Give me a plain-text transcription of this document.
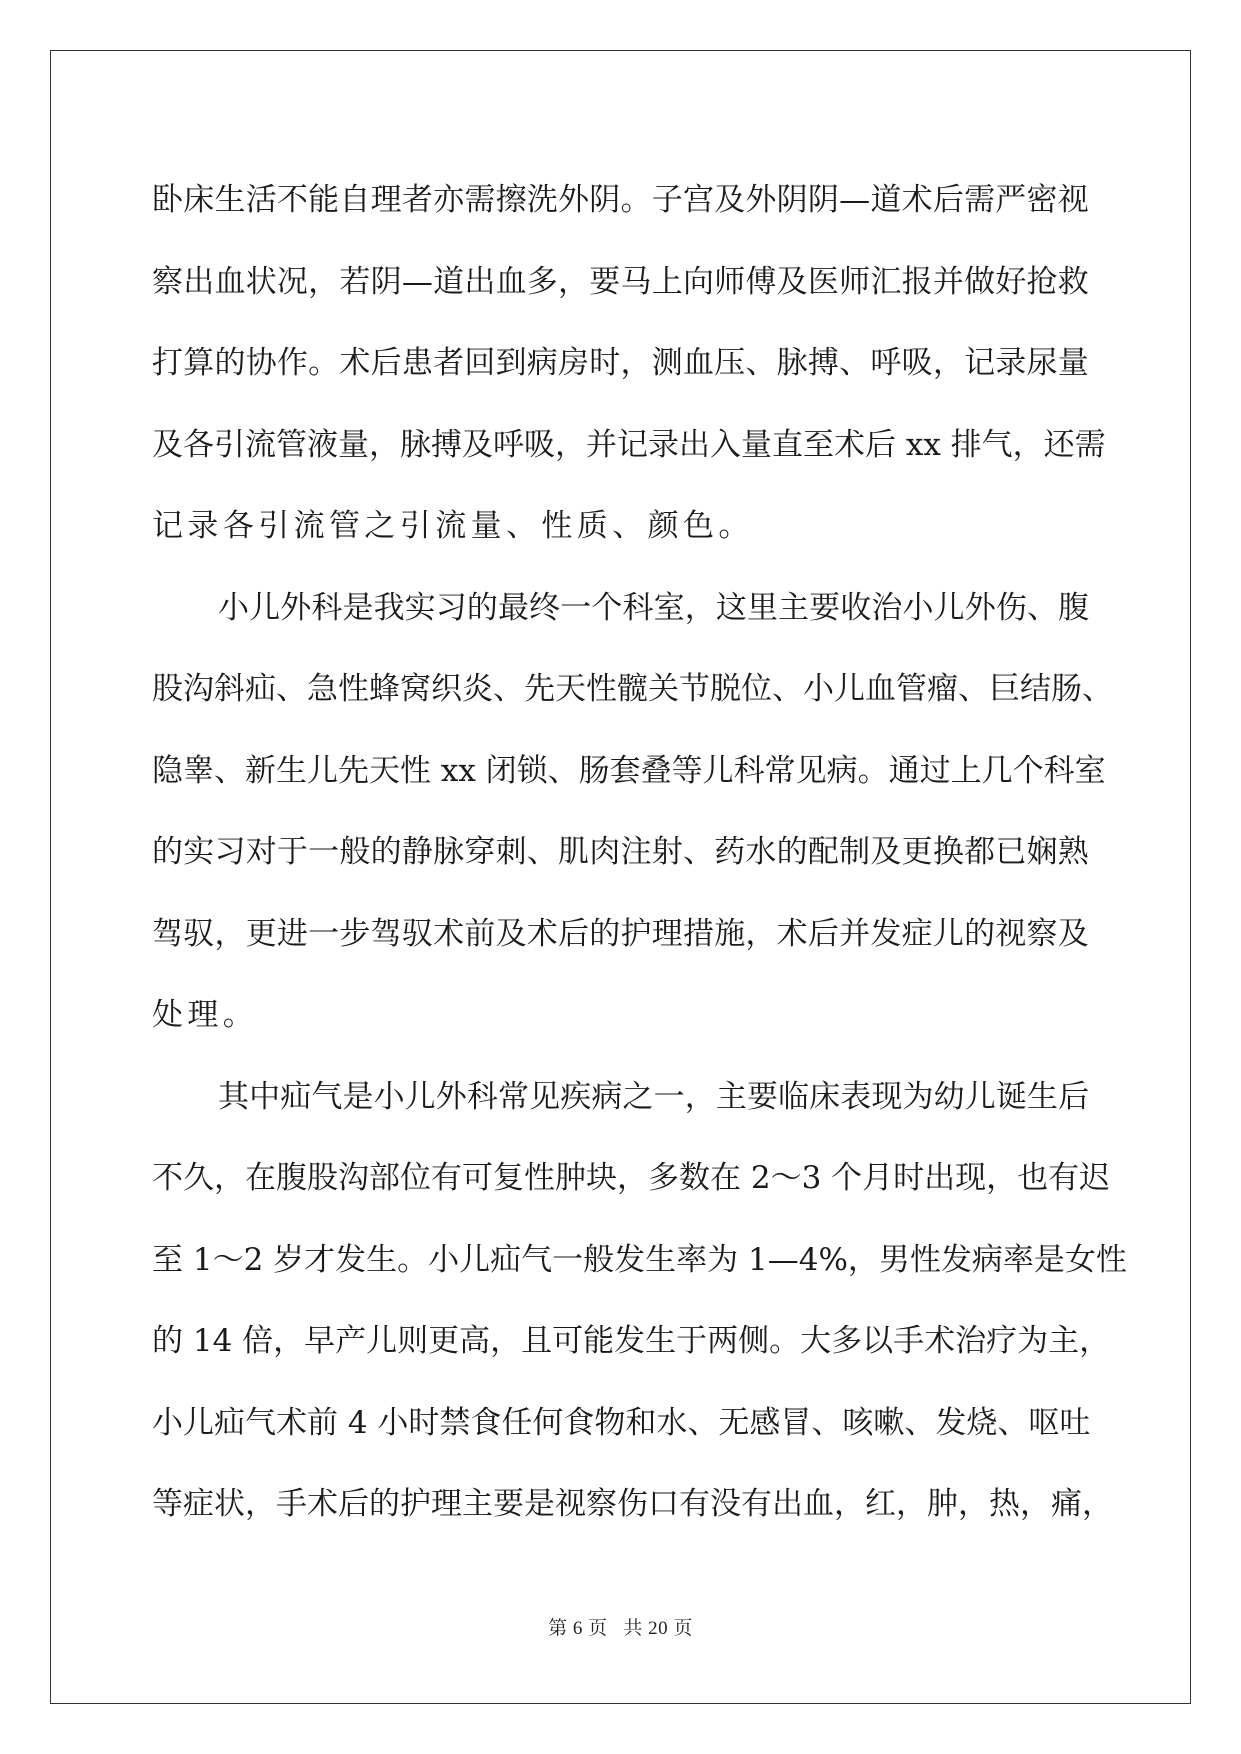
卧床生活不能自理者亦需擦洗外阴。子宫及外阴阴—道术后需严密视
察出血状况，若阴—道出血多，要马上向师傅及医师汇报并做好抢救
打算的协作。术后患者回到病房时，测血压、脉搏、呼吸，记录尿量
及各引流管液量，脉搏及呼吸，并记录出入量直至术后 xx 排气，还需
记录各引流管之引流量、性质、颜色。
小儿外科是我实习的最终一个科室，这里主要收治小儿外伤、腹
股沟斜疝、急性蜂窝织炎、先天性髋关节脱位、小儿血管瘤、巨结肠、
隐睾、新生儿先天性 xx 闭锁、肠套叠等儿科常见病。通过上几个科室
的实习对于一般的静脉穿刺、肌肉注射、药水的配制及更换都已娴熟
驾驭，更进一步驾驭术前及术后的护理措施，术后并发症儿的视察及
处理。
其中疝气是小儿外科常见疾病之一，主要临床表现为幼儿诞生后
不久，在腹股沟部位有可复性肿块，多数在 2～3 个月时出现，也有迟
至 1～2 岁才发生。小儿疝气一般发生率为 1—4%，男性发病率是女性
的 14 倍，早产儿则更高，且可能发生于两侧。大多以手术治疗为主，
小儿疝气术前 4 小时禁食任何食物和水、无感冒、咳嗽、发烧、呕吐
等症状，手术后的护理主要是视察伤口有没有出血，红，肿，热，痛，
第 6 页 共 20 页
